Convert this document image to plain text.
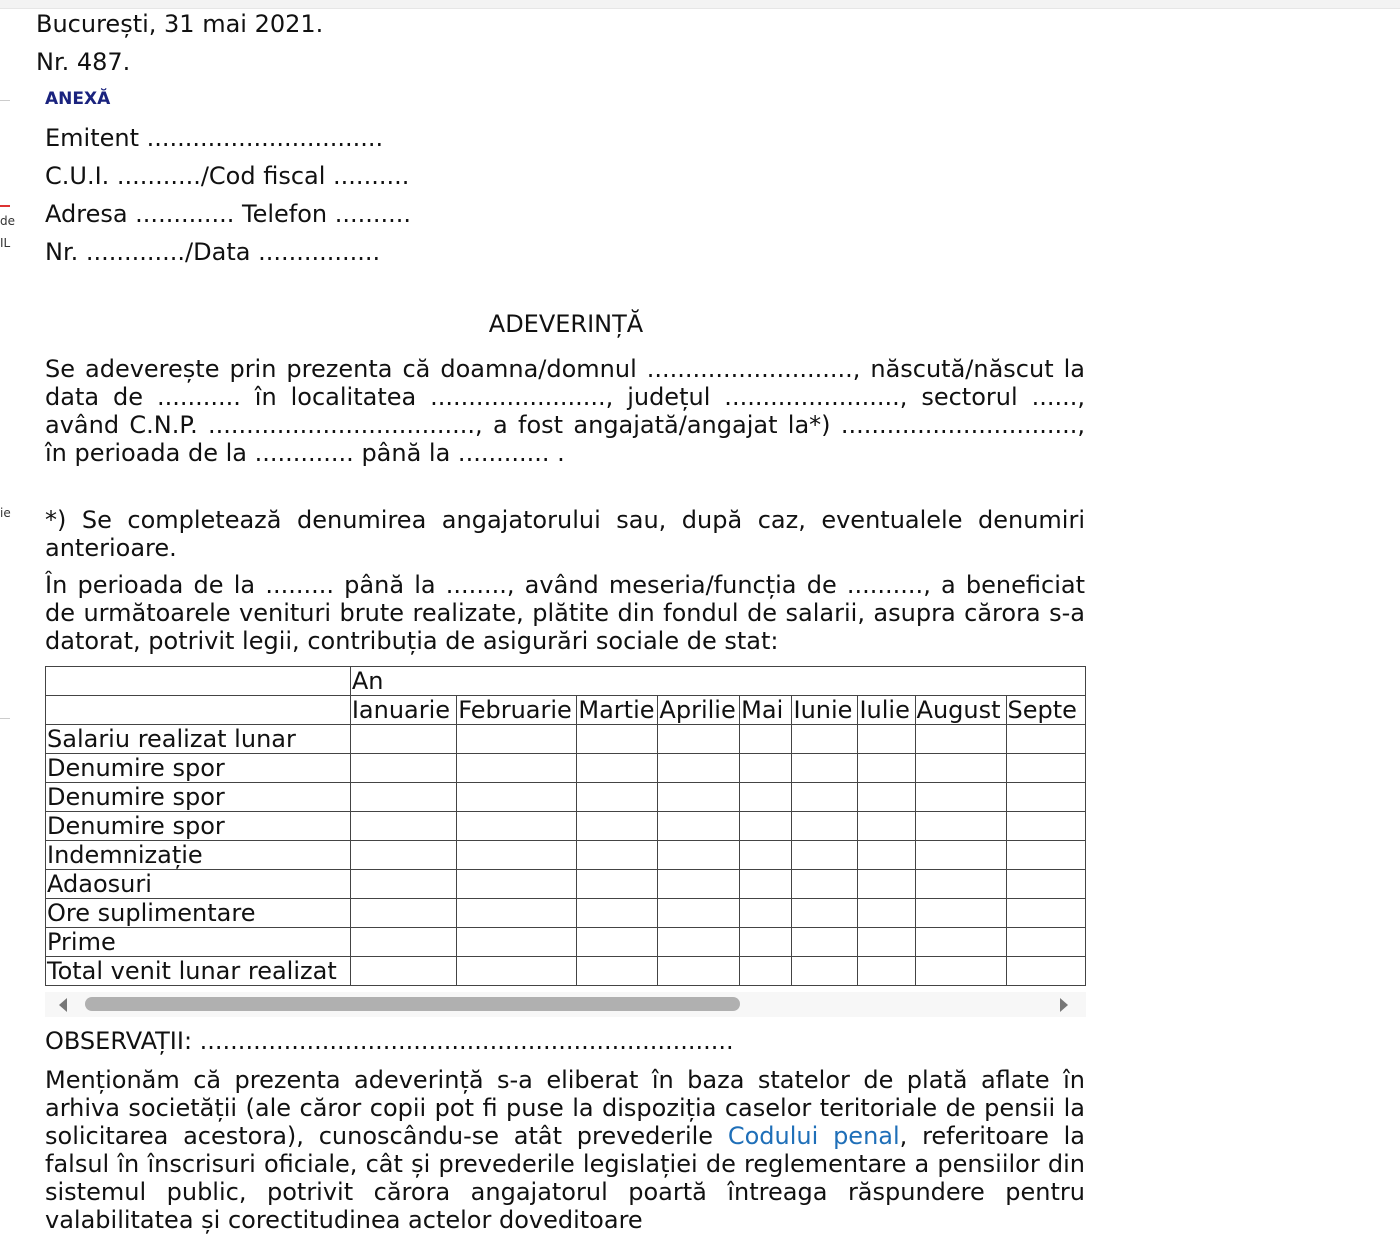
de
IL
ie
București, 31 mai 2021.
Nr. 487.
ANEXĂ
Emitent ...............................
C.U.I. .........../Cod fiscal ..........
Adresa ............. Telefon ..........
Nr. ............./Data ................
ADEVERINȚĂ
Se adeverește prin prezenta că doamna/domnul ..........................., născută/născut la data de ........... în localitatea ......................., județul ......................., sectorul ......, având C.N.P. ..................................., a fost angajată/angajat la*) ..............................., în perioada de la ............. până la ............ .
*) Se completează denumirea angajatorului sau, după caz, eventualele denumiri anterioare.
În perioada de la ......... până la ........, având meseria/funcția de .........., a beneficiat de următoarele venituri brute realizate, plătite din fondul de salarii, asupra cărora s-a datorat, potrivit legii, contribuția de asigurări sociale de stat:
	An								
	Ianuarie	Februarie	Martie	Aprilie	Mai	Iunie	Iulie	August	Septe
Salariu realizat lunar									
Denumire spor									
Denumire spor									
Denumire spor									
Indemnizație									
Adaosuri									
Ore suplimentare									
Prime									
Total venit lunar realizat									
OBSERVAȚII: ......................................................................
Menționăm că prezenta adeverință s-a eliberat în baza statelor de plată aflate în arhiva societății (ale căror copii pot fi puse la dispoziția caselor teritoriale de pensii la solicitarea acestora), cunoscându-se atât prevederile Codului penal, referitoare la falsul în înscrisuri oficiale, cât și prevederile legislației de reglementare a pensiilor din sistemul public, potrivit cărora angajatorul poartă întreaga răspundere pentru valabilitatea și corectitudinea actelor doveditoare
